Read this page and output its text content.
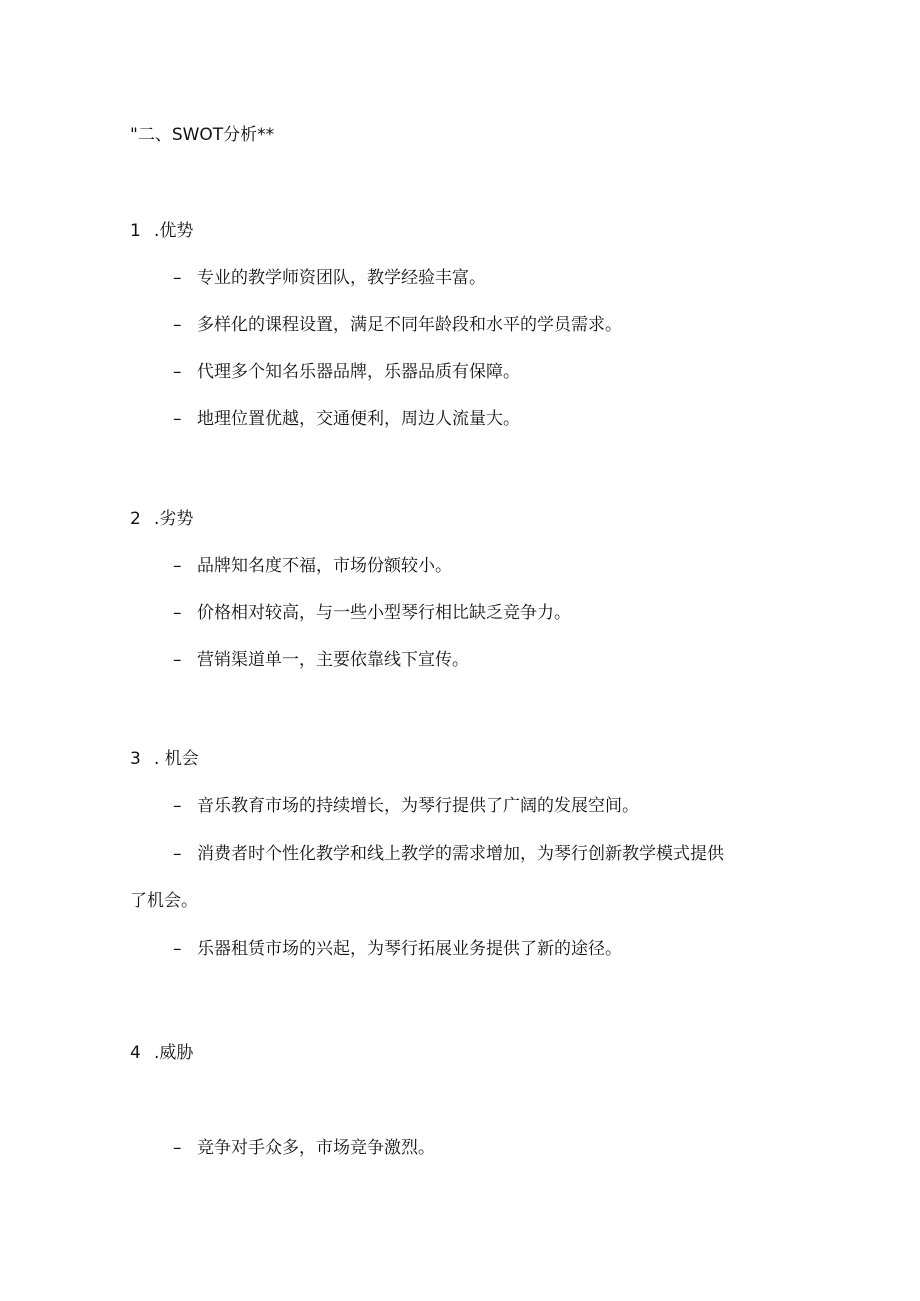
"二、SWOT分析**
1 .优势
– 专业的教学师资团队，教学经验丰富。
– 多样化的课程设置，满足不同年龄段和水平的学员需求。
– 代理多个知名乐器品牌，乐器品质有保障。
– 地理位置优越，交通便利，周边人流量大。
2 .劣势
– 品牌知名度不福，市场份额较小。
– 价格相对较高，与一些小型琴行相比缺乏竞争力。
– 营销渠道单一，主要依靠线下宣传。
3 . 机会
– 音乐教育市场的持续增长，为琴行提供了广阔的发展空间。
– 消费者时个性化教学和线上教学的需求增加，为琴行创新教学模式提供
了机会。
– 乐器租赁市场的兴起，为琴行拓展业务提供了新的途径。
4 .威胁
– 竞争对手众多，市场竞争激烈。
